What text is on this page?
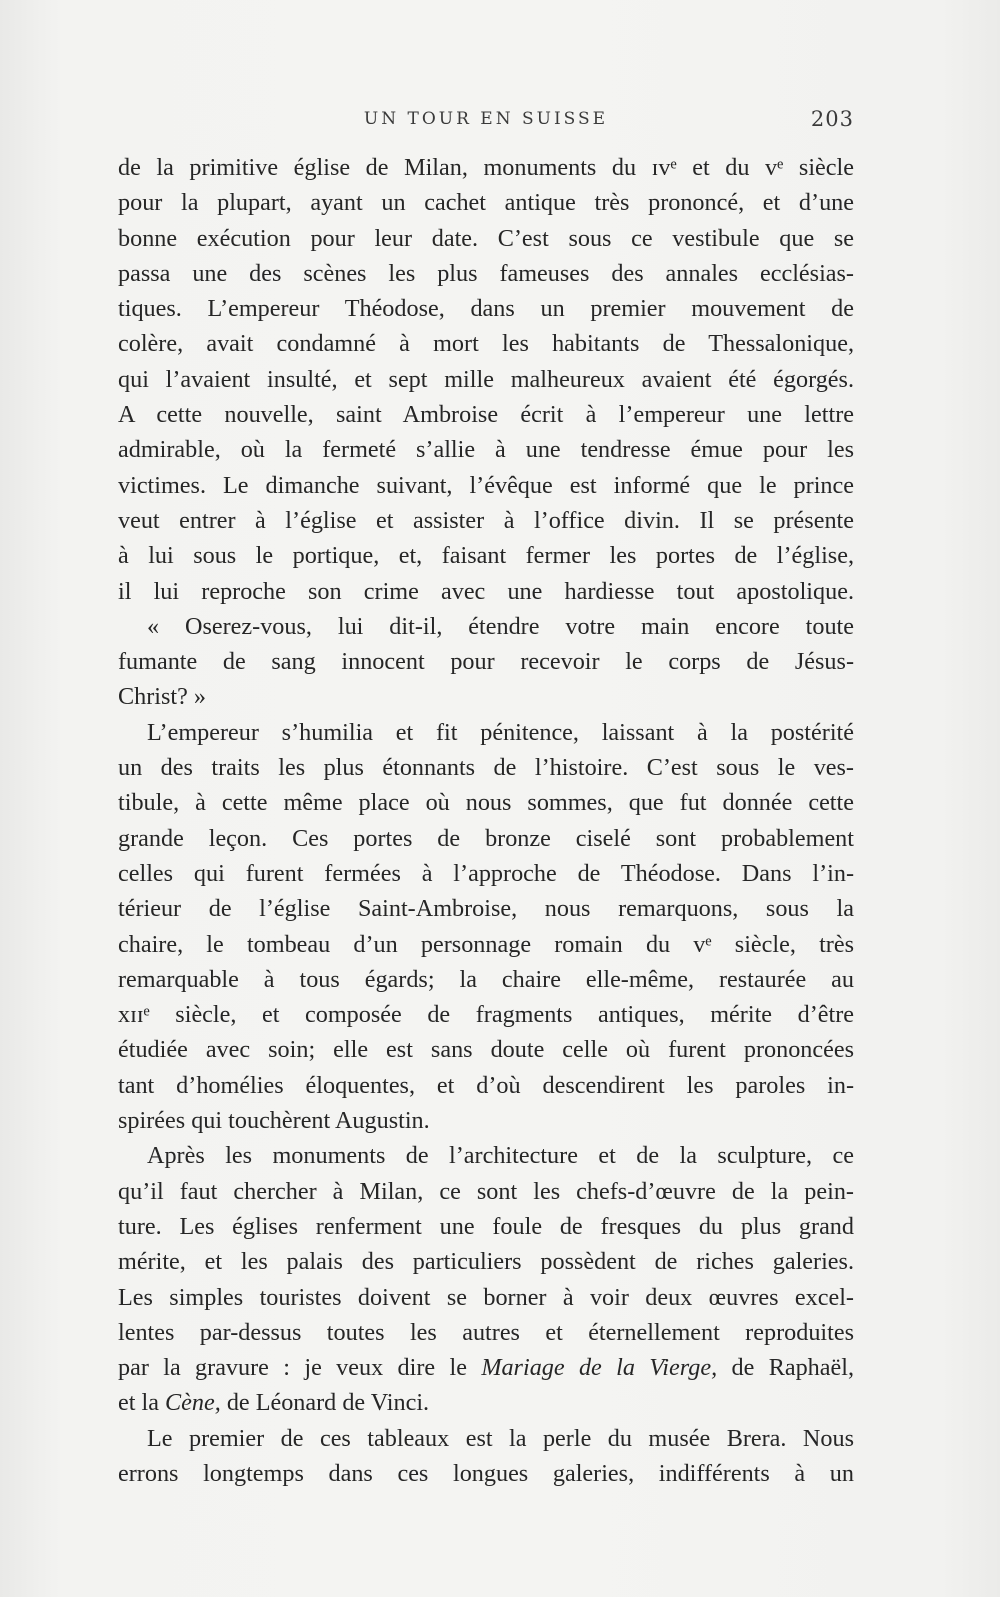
UN TOUR EN SUISSE	203
de la primitive église de Milan, monuments du ɪvᵉ et du vᵉ siècle
pour la plupart, ayant un cachet antique très prononcé, et d’une
bonne exécution pour leur date. C’est sous ce vestibule que se
passa une des scènes les plus fameuses des annales ecclésias-
tiques. L’empereur Théodose, dans un premier mouvement de
colère, avait condamné à mort les habitants de Thessalonique,
qui l’avaient insulté, et sept mille malheureux avaient été égorgés.
A cette nouvelle, saint Ambroise écrit à l’empereur une lettre
admirable, où la fermeté s’allie à une tendresse émue pour les
victimes. Le dimanche suivant, l’évêque est informé que le prince
veut entrer à l’église et assister à l’office divin. Il se présente
à lui sous le portique, et, faisant fermer les portes de l’église,
il lui reproche son crime avec une hardiesse tout apostolique.
« Oserez-vous, lui dit-il, étendre votre main encore toute
fumante de sang innocent pour recevoir le corps de Jésus-
Christ? »
L’empereur s’humilia et fit pénitence, laissant à la postérité
un des traits les plus étonnants de l’histoire. C’est sous le ves-
tibule, à cette même place où nous sommes, que fut donnée cette
grande leçon. Ces portes de bronze ciselé sont probablement
celles qui furent fermées à l’approche de Théodose. Dans l’in-
térieur de l’église Saint-Ambroise, nous remarquons, sous la
chaire, le tombeau d’un personnage romain du vᵉ siècle, très
remarquable à tous égards; la chaire elle-même, restaurée au
xɪɪᵉ siècle, et composée de fragments antiques, mérite d’être
étudiée avec soin; elle est sans doute celle où furent prononcées
tant d’homélies éloquentes, et d’où descendirent les paroles in-
spirées qui touchèrent Augustin.
Après les monuments de l’architecture et de la sculpture, ce
qu’il faut chercher à Milan, ce sont les chefs-d’œuvre de la pein-
ture. Les églises renferment une foule de fresques du plus grand
mérite, et les palais des particuliers possèdent de riches galeries.
Les simples touristes doivent se borner à voir deux œuvres excel-
lentes par-dessus toutes les autres et éternellement reproduites
par la gravure : je veux dire le Mariage de la Vierge, de Raphaël,
et la Cène, de Léonard de Vinci.
Le premier de ces tableaux est la perle du musée Brera. Nous
errons longtemps dans ces longues galeries, indifférents à un
